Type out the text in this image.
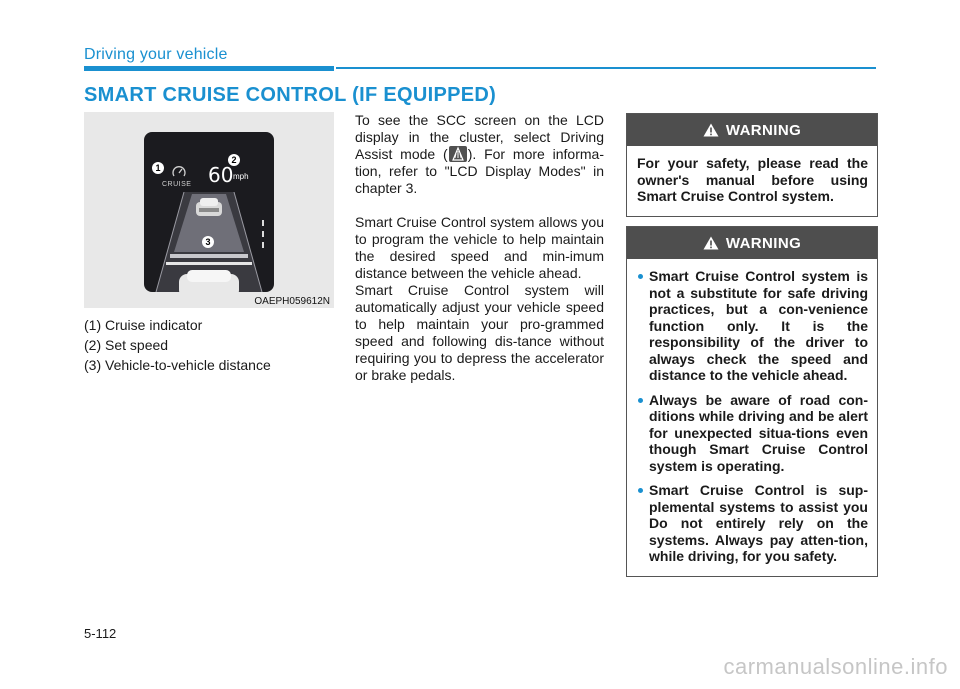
Driving your vehicle
SMART CRUISE CONTROL (IF EQUIPPED)
1
2
CRUISE 60 mph
3
OAEPH059612N
(1) Cruise indicator
(2) Set speed
(3) Vehicle-to-vehicle distance

To see the SCC screen on the LCD display in the cluster, select Driving Assist mode ( ). For more informa-tion, refer to "LCD Display Modes" in chapter 3.

Smart Cruise Control system allows you to program the vehicle to help maintain the desired speed and min-imum distance between the vehicle ahead.

Smart Cruise Control system will automatically adjust your vehicle speed to help maintain your pro-grammed speed and following dis-tance without requiring you to depress the accelerator or brake pedals.

WARNING
For your safety, please read the owner's manual before using Smart Cruise Control system.
WARNING
Smart Cruise Control system is not a substitute for safe driving practices, but a con-venience function only. It is the responsibility of the driver to always check the speed and distance to the vehicle ahead.
Always be aware of road con-ditions while driving and be alert for unexpected situa-tions even though Smart Cruise Control system is operating.
Smart Cruise Control is sup-plemental systems to assist you Do not entirely rely on the systems. Always pay atten-tion, while driving, for you safety.
5-112
carmanualsonline.info
